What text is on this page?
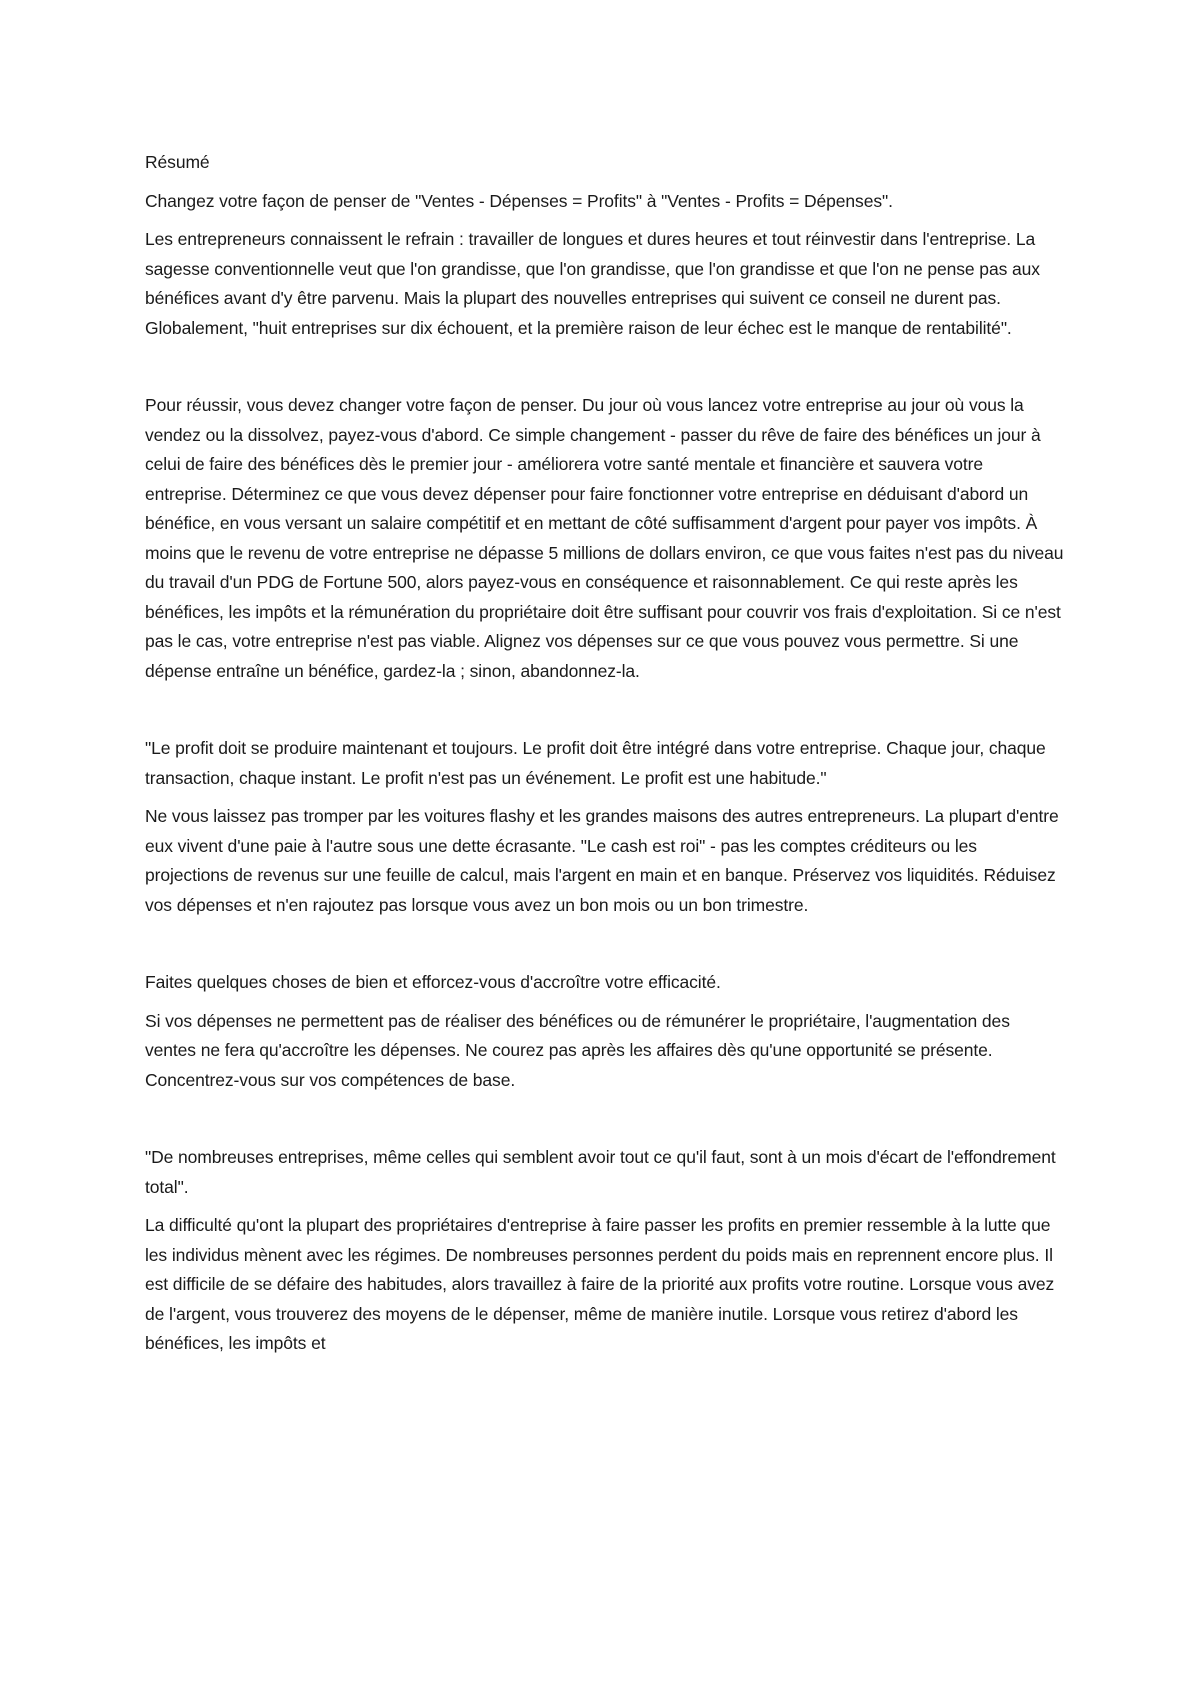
Résumé

Changez votre façon de penser de "Ventes - Dépenses = Profits" à "Ventes - Profits = Dépenses".

Les entrepreneurs connaissent le refrain : travailler de longues et dures heures et tout réinvestir dans l'entreprise. La sagesse conventionnelle veut que l'on grandisse, que l'on grandisse, que l'on grandisse et que l'on ne pense pas aux bénéfices avant d'y être parvenu. Mais la plupart des nouvelles entreprises qui suivent ce conseil ne durent pas. Globalement, "huit entreprises sur dix échouent, et la première raison de leur échec est le manque de rentabilité".

Pour réussir, vous devez changer votre façon de penser. Du jour où vous lancez votre entreprise au jour où vous la vendez ou la dissolvez, payez-vous d'abord. Ce simple changement - passer du rêve de faire des bénéfices un jour à celui de faire des bénéfices dès le premier jour - améliorera votre santé mentale et financière et sauvera votre entreprise. Déterminez ce que vous devez dépenser pour faire fonctionner votre entreprise en déduisant d'abord un bénéfice, en vous versant un salaire compétitif et en mettant de côté suffisamment d'argent pour payer vos impôts. À moins que le revenu de votre entreprise ne dépasse 5 millions de dollars environ, ce que vous faites n'est pas du niveau du travail d'un PDG de Fortune 500, alors payez-vous en conséquence et raisonnablement. Ce qui reste après les bénéfices, les impôts et la rémunération du propriétaire doit être suffisant pour couvrir vos frais d'exploitation. Si ce n'est pas le cas, votre entreprise n'est pas viable. Alignez vos dépenses sur ce que vous pouvez vous permettre. Si une dépense entraîne un bénéfice, gardez-la ; sinon, abandonnez-la.

"Le profit doit se produire maintenant et toujours. Le profit doit être intégré dans votre entreprise. Chaque jour, chaque transaction, chaque instant. Le profit n'est pas un événement. Le profit est une habitude."

Ne vous laissez pas tromper par les voitures flashy et les grandes maisons des autres entrepreneurs. La plupart d'entre eux vivent d'une paie à l'autre sous une dette écrasante. "Le cash est roi" - pas les comptes créditeurs ou les projections de revenus sur une feuille de calcul, mais l'argent en main et en banque. Préservez vos liquidités. Réduisez vos dépenses et n'en rajoutez pas lorsque vous avez un bon mois ou un bon trimestre.

Faites quelques choses de bien et efforcez-vous d'accroître votre efficacité.

Si vos dépenses ne permettent pas de réaliser des bénéfices ou de rémunérer le propriétaire, l'augmentation des ventes ne fera qu'accroître les dépenses. Ne courez pas après les affaires dès qu'une opportunité se présente. Concentrez-vous sur vos compétences de base.

"De nombreuses entreprises, même celles qui semblent avoir tout ce qu'il faut, sont à un mois d'écart de l'effondrement total".

La difficulté qu'ont la plupart des propriétaires d'entreprise à faire passer les profits en premier ressemble à la lutte que les individus mènent avec les régimes. De nombreuses personnes perdent du poids mais en reprennent encore plus. Il est difficile de se défaire des habitudes, alors travaillez à faire de la priorité aux profits votre routine. Lorsque vous avez de l'argent, vous trouverez des moyens de le dépenser, même de manière inutile. Lorsque vous retirez d'abord les bénéfices, les impôts et
